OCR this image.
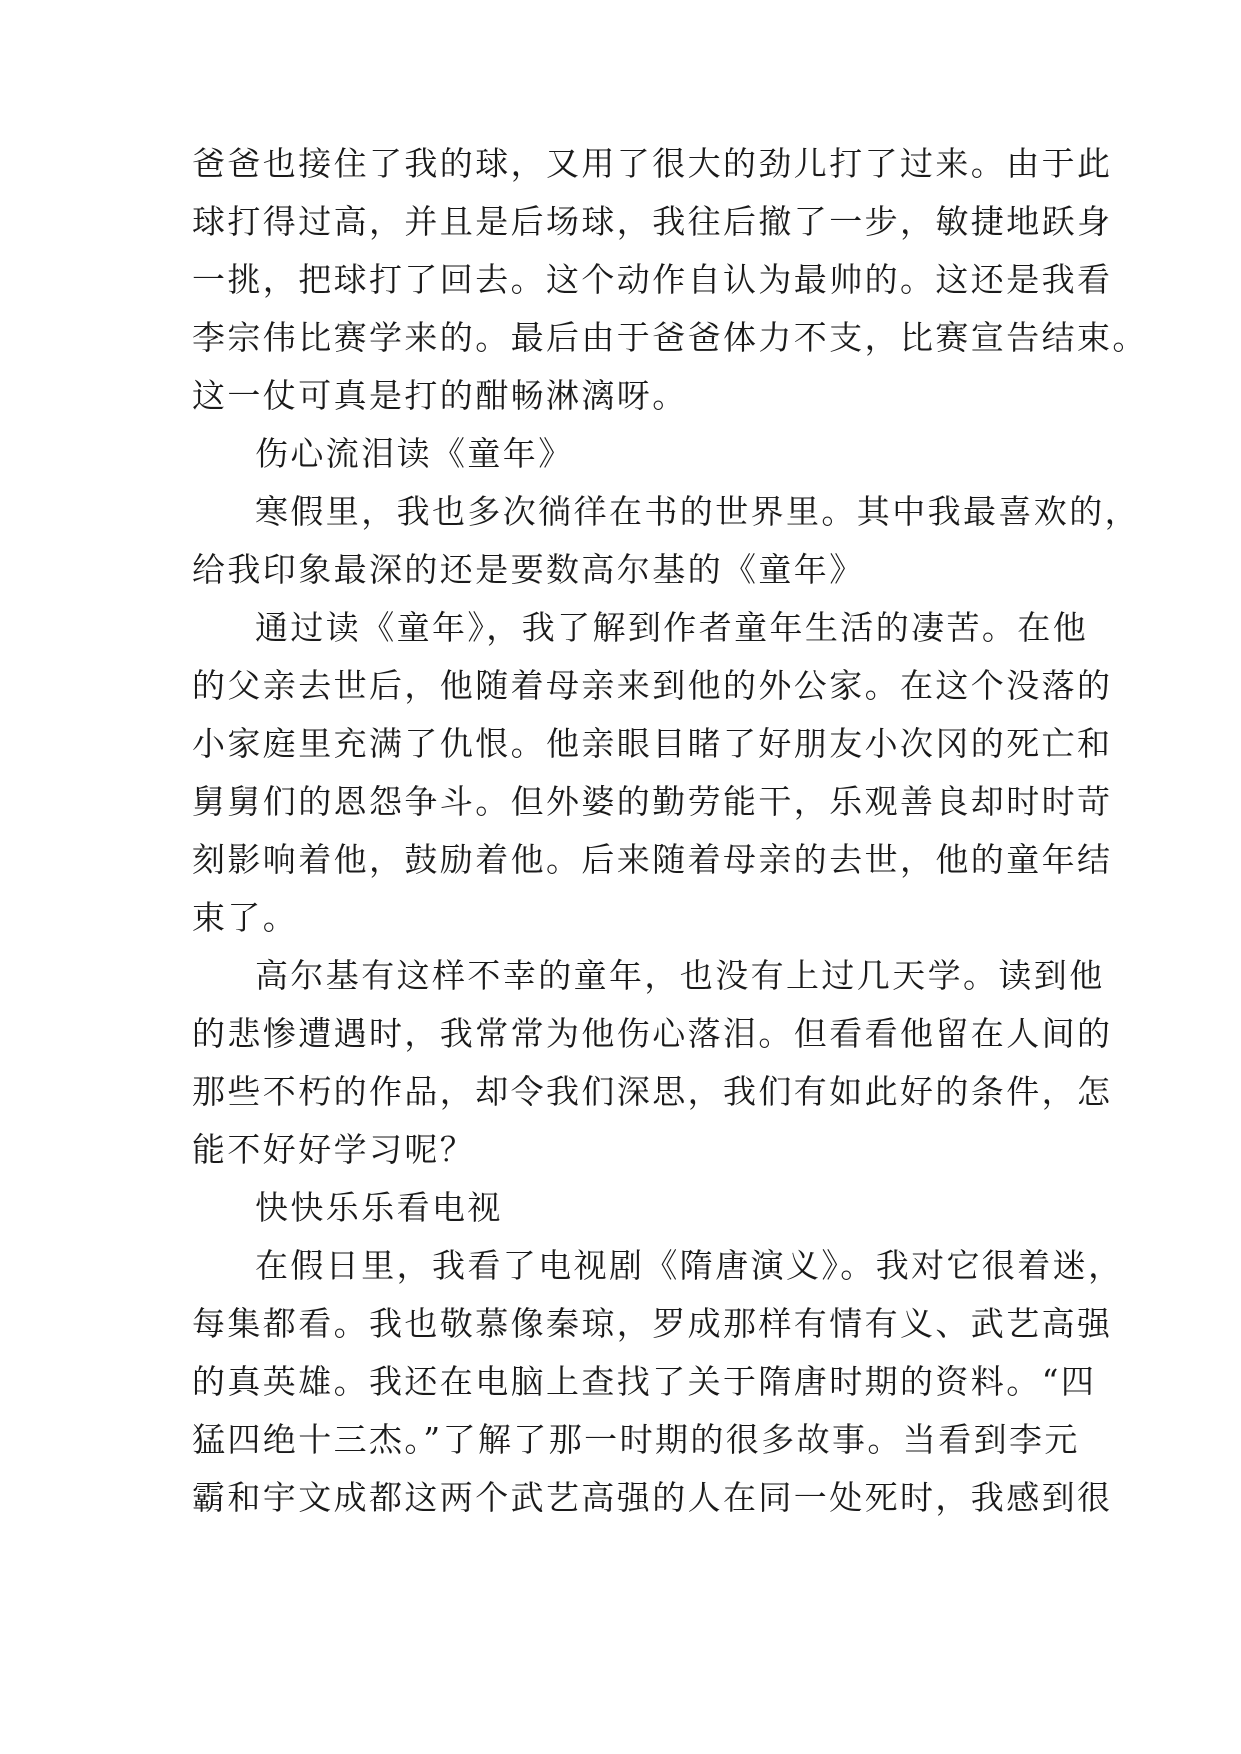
爸爸也接住了我的球，又用了很大的劲儿打了过来。由于此
球打得过高，并且是后场球，我往后撤了一步，敏捷地跃身
一挑，把球打了回去。这个动作自认为最帅的。这还是我看
李宗伟比赛学来的。最后由于爸爸体力不支，比赛宣告结束。
这一仗可真是打的酣畅淋漓呀。
伤心流泪读《童年》
寒假里，我也多次徜徉在书的世界里。其中我最喜欢的，
给我印象最深的还是要数高尔基的《童年》
通过读《童年》，我了解到作者童年生活的凄苦。在他
的父亲去世后，他随着母亲来到他的外公家。在这个没落的
小家庭里充满了仇恨。他亲眼目睹了好朋友小次冈的死亡和
舅舅们的恩怨争斗。但外婆的勤劳能干，乐观善良却时时苛
刻影响着他，鼓励着他。后来随着母亲的去世，他的童年结
束了。
高尔基有这样不幸的童年，也没有上过几天学。读到他
的悲惨遭遇时，我常常为他伤心落泪。但看看他留在人间的
那些不朽的作品，却令我们深思，我们有如此好的条件，怎
能不好好学习呢？
快快乐乐看电视
在假日里，我看了电视剧《隋唐演义》。我对它很着迷，
每集都看。我也敬慕像秦琼，罗成那样有情有义、武艺高强
的真英雄。我还在电脑上查找了关于隋唐时期的资料。“四
猛四绝十三杰。”了解了那一时期的很多故事。当看到李元
霸和宇文成都这两个武艺高强的人在同一处死时，我感到很
